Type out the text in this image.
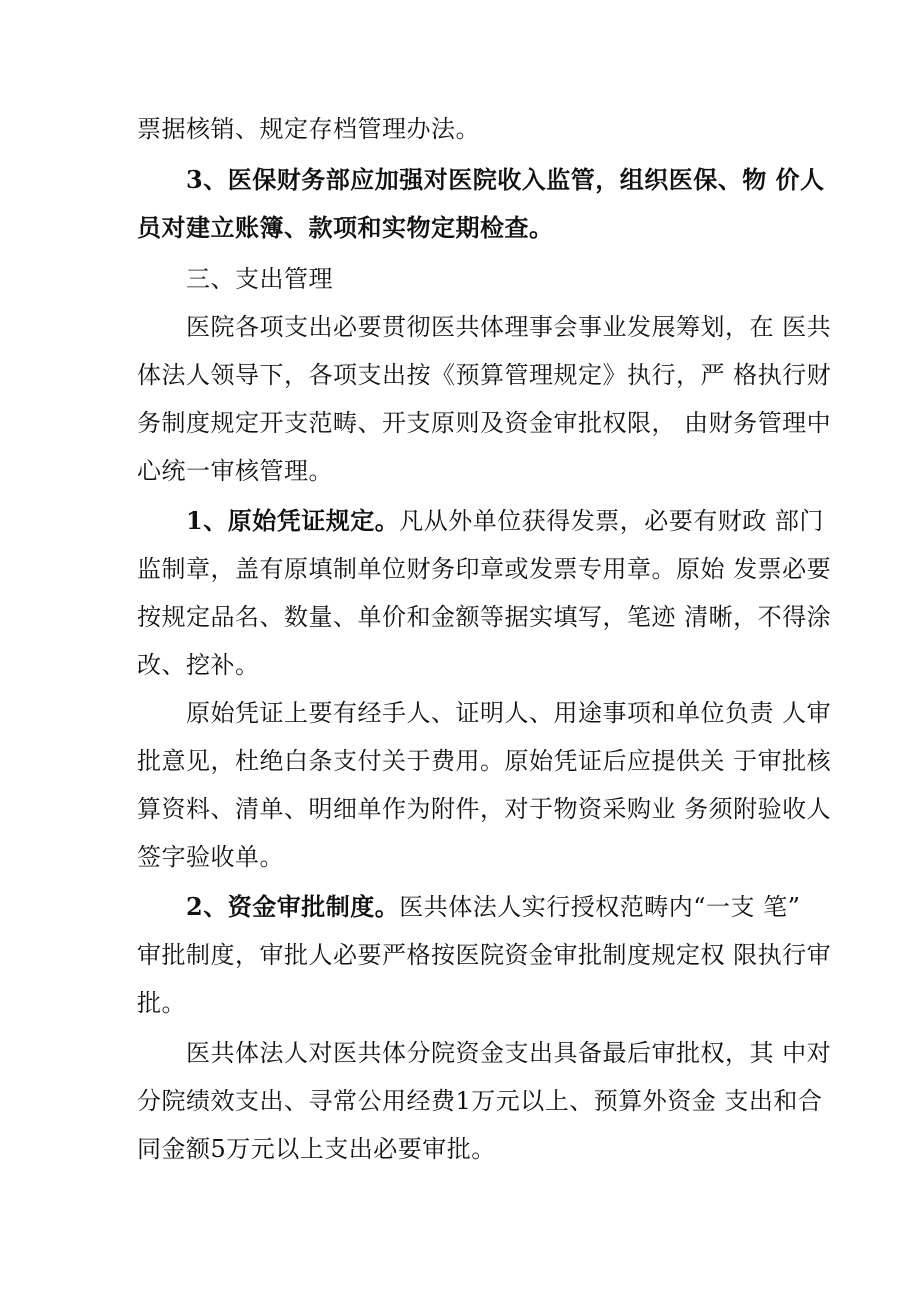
票据核销、规定存档管理办法。
3、医保财务部应加强对医院收入监管，组织医保、物 价人
员对建立账簿、款项和实物定期检查。
三、支出管理
医院各项支出必要贯彻医共体理事会事业发展筹划，在 医共
体法人领导下，各项支出按《预算管理规定》执行，严 格执行财
务制度规定开支范畴、开支原则及资金审批权限， 由财务管理中
心统一审核管理。
1、原始凭证规定。凡从外单位获得发票，必要有财政 部门
监制章，盖有原填制单位财务印章或发票专用章。原始 发票必要
按规定品名、数量、单价和金额等据实填写，笔迹 清晰，不得涂
改、挖补。
原始凭证上要有经手人、证明人、用途事项和单位负责 人审
批意见，杜绝白条支付关于费用。原始凭证后应提供关 于审批核
算资料、清单、明细单作为附件，对于物资采购业 务须附验收人
签字验收单。
2、资金审批制度。医共体法人实行授权范畴内“一支 笔”
审批制度，审批人必要严格按医院资金审批制度规定权 限执行审
批。
医共体法人对医共体分院资金支出具备最后审批权，其 中对
分院绩效支出、寻常公用经费1万元以上、预算外资金 支出和合
同金额5万元以上支出必要审批。
